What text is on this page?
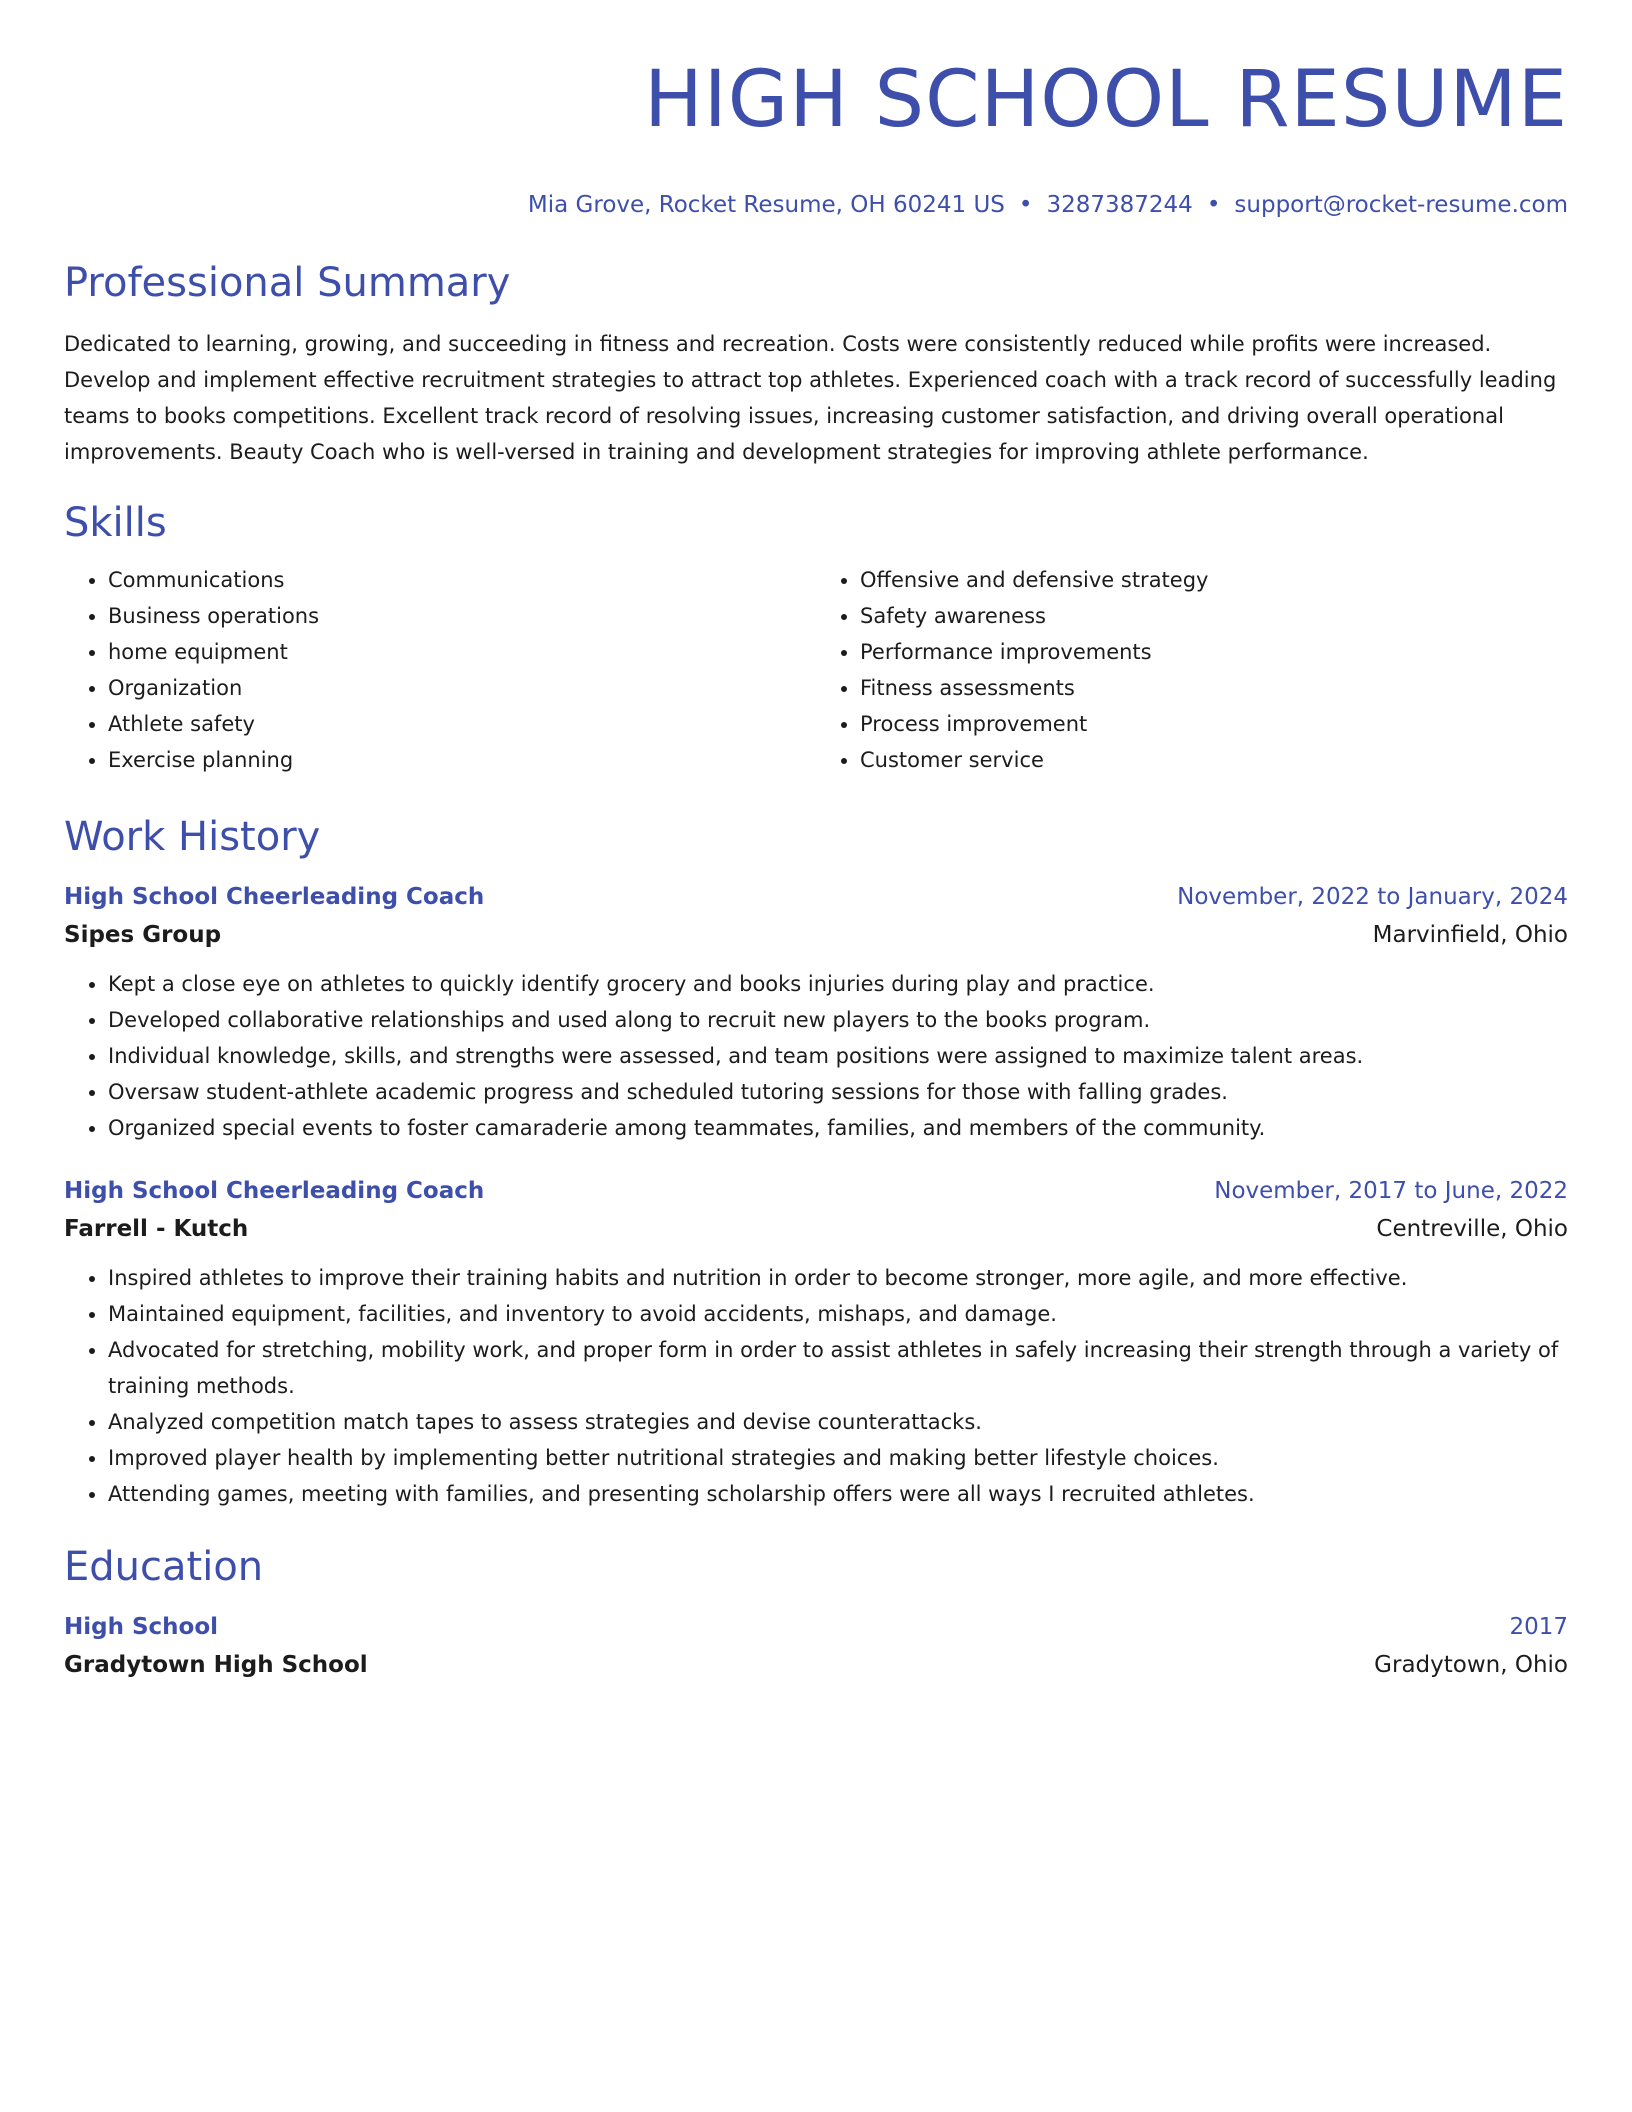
HIGH SCHOOL RESUME
Mia Grove, Rocket Resume, OH 60241 US • 3287387244 • support@rocket-resume.com
Professional Summary

Dedicated to learning, growing, and succeeding in fitness and recreation. Costs were consistently reduced while profits were increased. Develop and implement effective recruitment strategies to attract top athletes. Experienced coach with a track record of successfully leading teams to books competitions. Excellent track record of resolving issues, increasing customer satisfaction, and driving overall operational improvements. Beauty Coach who is well-versed in training and development strategies for improving athlete performance.

Skills
• Communications
• Business operations
• home equipment
• Organization
• Athlete safety
• Exercise planning
• Offensive and defensive strategy
• Safety awareness
• Performance improvements
• Fitness assessments
• Process improvement
• Customer service
Work History
High School Cheerleading Coach	November, 2022 to January, 2024
Sipes Group	Marvinfield, Ohio
• Kept a close eye on athletes to quickly identify grocery and books injuries during play and practice.
• Developed collaborative relationships and used along to recruit new players to the books program.
• Individual knowledge, skills, and strengths were assessed, and team positions were assigned to maximize talent areas.
• Oversaw student-athlete academic progress and scheduled tutoring sessions for those with falling grades.
• Organized special events to foster camaraderie among teammates, families, and members of the community.
High School Cheerleading Coach	November, 2017 to June, 2022
Farrell - Kutch	Centreville, Ohio
• Inspired athletes to improve their training habits and nutrition in order to become stronger, more agile, and more effective.
• Maintained equipment, facilities, and inventory to avoid accidents, mishaps, and damage.
• Advocated for stretching, mobility work, and proper form in order to assist athletes in safely increasing their strength through a variety of training methods.
• Analyzed competition match tapes to assess strategies and devise counterattacks.
• Improved player health by implementing better nutritional strategies and making better lifestyle choices.
• Attending games, meeting with families, and presenting scholarship offers were all ways I recruited athletes.
Education
High School	2017
Gradytown High School	Gradytown, Ohio
